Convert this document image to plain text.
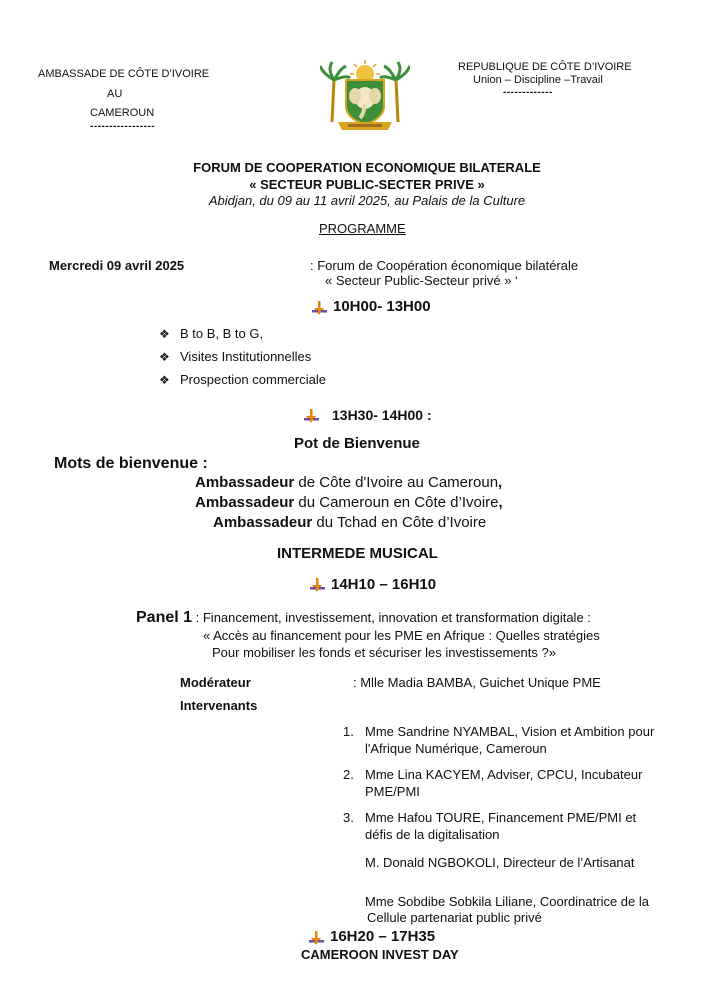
AMBASSADE DE CÔTE D’IVOIRE
AU
CAMEROUN
-----------------
REPUBLIQUE DE CÔTE D’IVOIRE
Union – Discipline –Travail
-------------
FORUM DE COOPERATION ECONOMIQUE BILATERALE
« SECTEUR PUBLIC-SECTER PRIVE »
Abidjan, du 09 au 11 avril 2025, au Palais de la Culture
PROGRAMME
Mercredi 09 avril 2025	: Forum de Coopération économique bilatérale
« Secteur Public-Secteur privé » ‘
10H00- 13H00
❖ B to B, B to G,
❖ Visites Institutionnelles
❖ Prospection commerciale
13H30- 14H00 :
Pot de Bienvenue
Mots de bienvenue :
Ambassadeur de Côte d'Ivoire au Cameroun,
Ambassadeur du Cameroun en Côte d’Ivoire,
Ambassadeur du Tchad en Côte d’Ivoire
INTERMEDE MUSICAL
14H10 – 16H10
Panel 1 : Financement, investissement, innovation et transformation digitale :
« Accès au financement pour les PME en Afrique : Quelles stratégies
Pour mobiliser les fonds et sécuriser les investissements ?»
Modérateur	: Mlle Madia BAMBA, Guichet Unique PME
Intervenants
1. Mme Sandrine NYAMBAL, Vision et Ambition pour
l'Afrique Numérique, Cameroun
2. Mme Lina KACYEM, Adviser, CPCU, Incubateur
PME/PMI
3. Mme Hafou TOURE, Financement PME/PMI et
défis de la digitalisation
M. Donald NGBOKOLI, Directeur de l’Artisanat
Mme Sobdibe Sobkila Liliane, Coordinatrice de la
Cellule partenariat public privé
16H20 – 17H35
CAMEROON INVEST DAY
